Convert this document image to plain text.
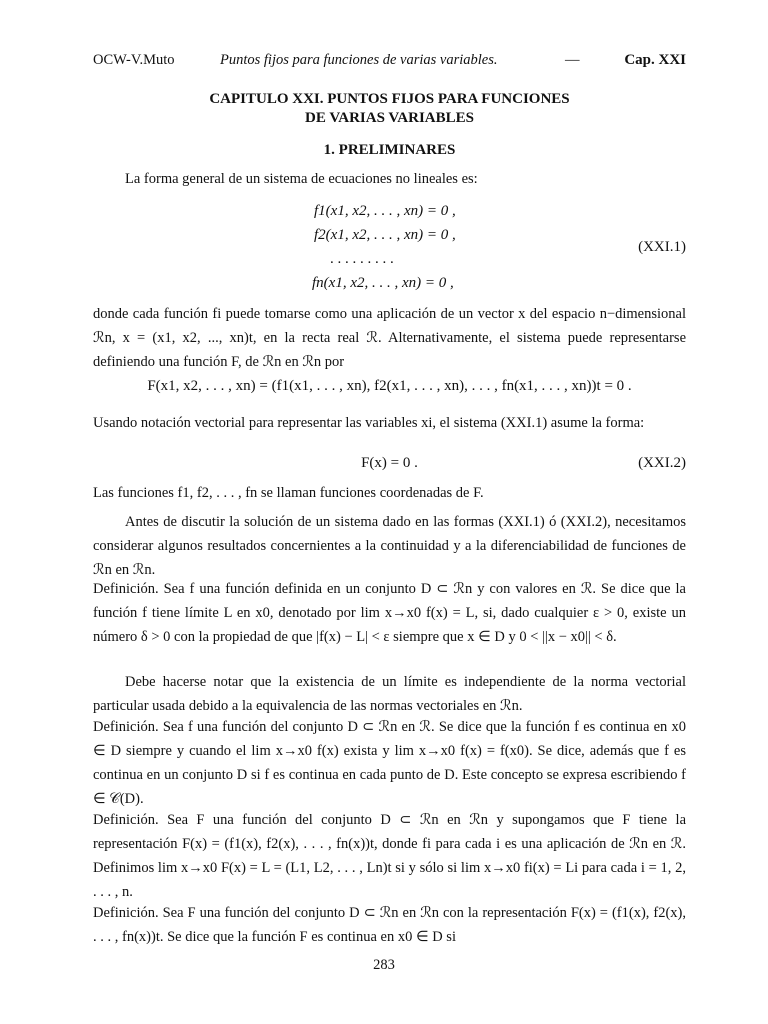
OCW-V.Muto	Puntos fijos para funciones de varias variables.	—	Cap. XXI
CAPITULO XXI. PUNTOS FIJOS PARA FUNCIONES
DE VARIAS VARIABLES
1. PRELIMINARES
La forma general de un sistema de ecuaciones no lineales es:
f1(x1, x2, . . . , xn) = 0 ,
f2(x1, x2, . . . , xn) = 0 ,
. . . . . . . . .
fn(x1, x2, . . . , xn) = 0 ,
(XXI.1)
donde cada función fi puede tomarse como una aplicación de un vector x del espacio n−dimensional ℛn, x = (x1, x2, ..., xn)t, en la recta real ℛ. Alternativamente, el sistema puede representarse definiendo una función F, de ℛn en ℛn por
F(x1, x2, . . . , xn) = (f1(x1, . . . , xn), f2(x1, . . . , xn), . . . , fn(x1, . . . , xn))t = 0 .
Usando notación vectorial para representar las variables xi, el sistema (XXI.1) asume la forma:
F(x) = 0 .	(XXI.2)
Las funciones f1, f2, . . . , fn se llaman funciones coordenadas de F.
Antes de discutir la solución de un sistema dado en las formas (XXI.1) ó (XXI.2), necesitamos considerar algunos resultados concernientes a la continuidad y a la diferenciabilidad de funciones de ℛn en ℛn.
Definición. Sea f una función definida en un conjunto D ⊂ ℛn y con valores en ℛ. Se dice que la función f tiene límite L en x0, denotado por lim x→x0 f(x) = L, si, dado cualquier ε > 0, existe un número δ > 0 con la propiedad de que |f(x) − L| < ε siempre que x ∈ D y 0 < ||x − x0|| < δ.
Debe hacerse notar que la existencia de un límite es independiente de la norma vectorial particular usada debido a la equivalencia de las normas vectoriales en ℛn.
Definición. Sea f una función del conjunto D ⊂ ℛn en ℛ. Se dice que la función f es continua en x0 ∈ D siempre y cuando el lim x→x0 f(x) exista y lim x→x0 f(x) = f(x0). Se dice, además que f es continua en un conjunto D si f es continua en cada punto de D. Este concepto se expresa escribiendo f ∈ 𝒞(D).
Definición. Sea F una función del conjunto D ⊂ ℛn en ℛn y supongamos que F tiene la representación F(x) = (f1(x), f2(x), . . . , fn(x))t, donde fi para cada i es una aplicación de ℛn en ℛ. Definimos lim x→x0 F(x) = L = (L1, L2, . . . , Ln)t si y sólo si lim x→x0 fi(x) = Li para cada i = 1, 2, . . . , n.
Definición. Sea F una función del conjunto D ⊂ ℛn en ℛn con la representación F(x) = (f1(x), f2(x), . . . , fn(x))t. Se dice que la función F es continua en x0 ∈ D si
283
